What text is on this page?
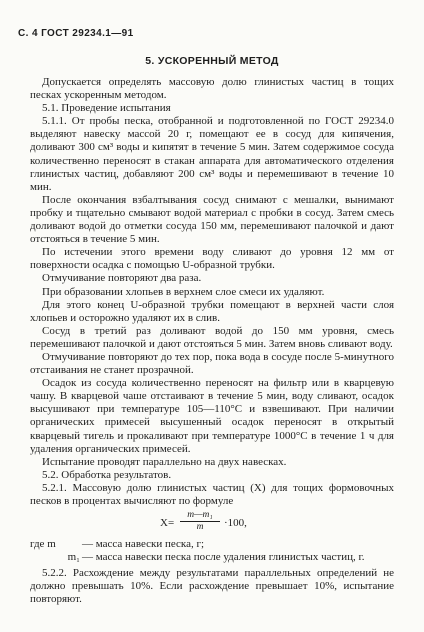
С. 4 ГОСТ 29234.1—91
5. УСКОРЕННЫЙ МЕТОД

Допускается определять массовую долю глинистых частиц в тощих песках ускоренным методом.

5.1. Проведение испытания

5.1.1. От пробы песка, отобранной и подготовленной по ГОСТ 29234.0 выделяют навеску массой 20 г, помещают ее в сосуд для кипячения, доливают 300 см³ воды и кипятят в течение 5 мин. Затем содержимое сосуда количественно переносят в стакан аппарата для автоматического отделения глинистых частиц, добавляют 200 см³ воды и перемешивают в течение 10 мин.

После окончания взбалтывания сосуд снимают с мешалки, вынимают пробку и тщательно смывают водой материал с пробки в сосуд. Затем смесь доливают водой до отметки сосуда 150 мм, перемешивают палочкой и дают отстояться в течение 5 мин.

По истечении этого времени воду сливают до уровня 12 мм от поверхности осадка с помощью U-образной трубки.

Отмучивание повторяют два раза.

При образовании хлопьев в верхнем слое смеси их удаляют.

Для этого конец U-образной трубки помещают в верхней части слоя хлопьев и осторожно удаляют их в слив.

Сосуд в третий раз доливают водой до 150 мм уровня, смесь перемешивают палочкой и дают отстояться 5 мин. Затем вновь сливают воду.

Отмучивание повторяют до тех пор, пока вода в сосуде после 5-минутного отстаивания не станет прозрачной.

Осадок из сосуда количественно переносят на фильтр или в кварцевую чашу. В кварцевой чаше отстаивают в течение 5 мин, воду сливают, осадок высушивают при температуре 105—110°С и взвешивают. При наличии органических примесей высушенный осадок переносят в открытый кварцевый тигель и прокаливают при температуре 1000°С в течение 1 ч для удаления органических примесей.

Испытание проводят параллельно на двух навесках.

5.2. Обработка результатов.

5.2.1. Массовую долю глинистых частиц (X) для тощих формовочных песков в процентах вычисляют по формуле

$X= \frac{\text{m—m₁}}{m} \cdot 100$,
где m	— масса навески песка, г;
m₁ — масса навески песка после удаления глинистых частиц, г.

5.2.2. Расхождение между результатами параллельных определений не должно превышать 10%. Если расхождение превышает 10%, испытание повторяют.
